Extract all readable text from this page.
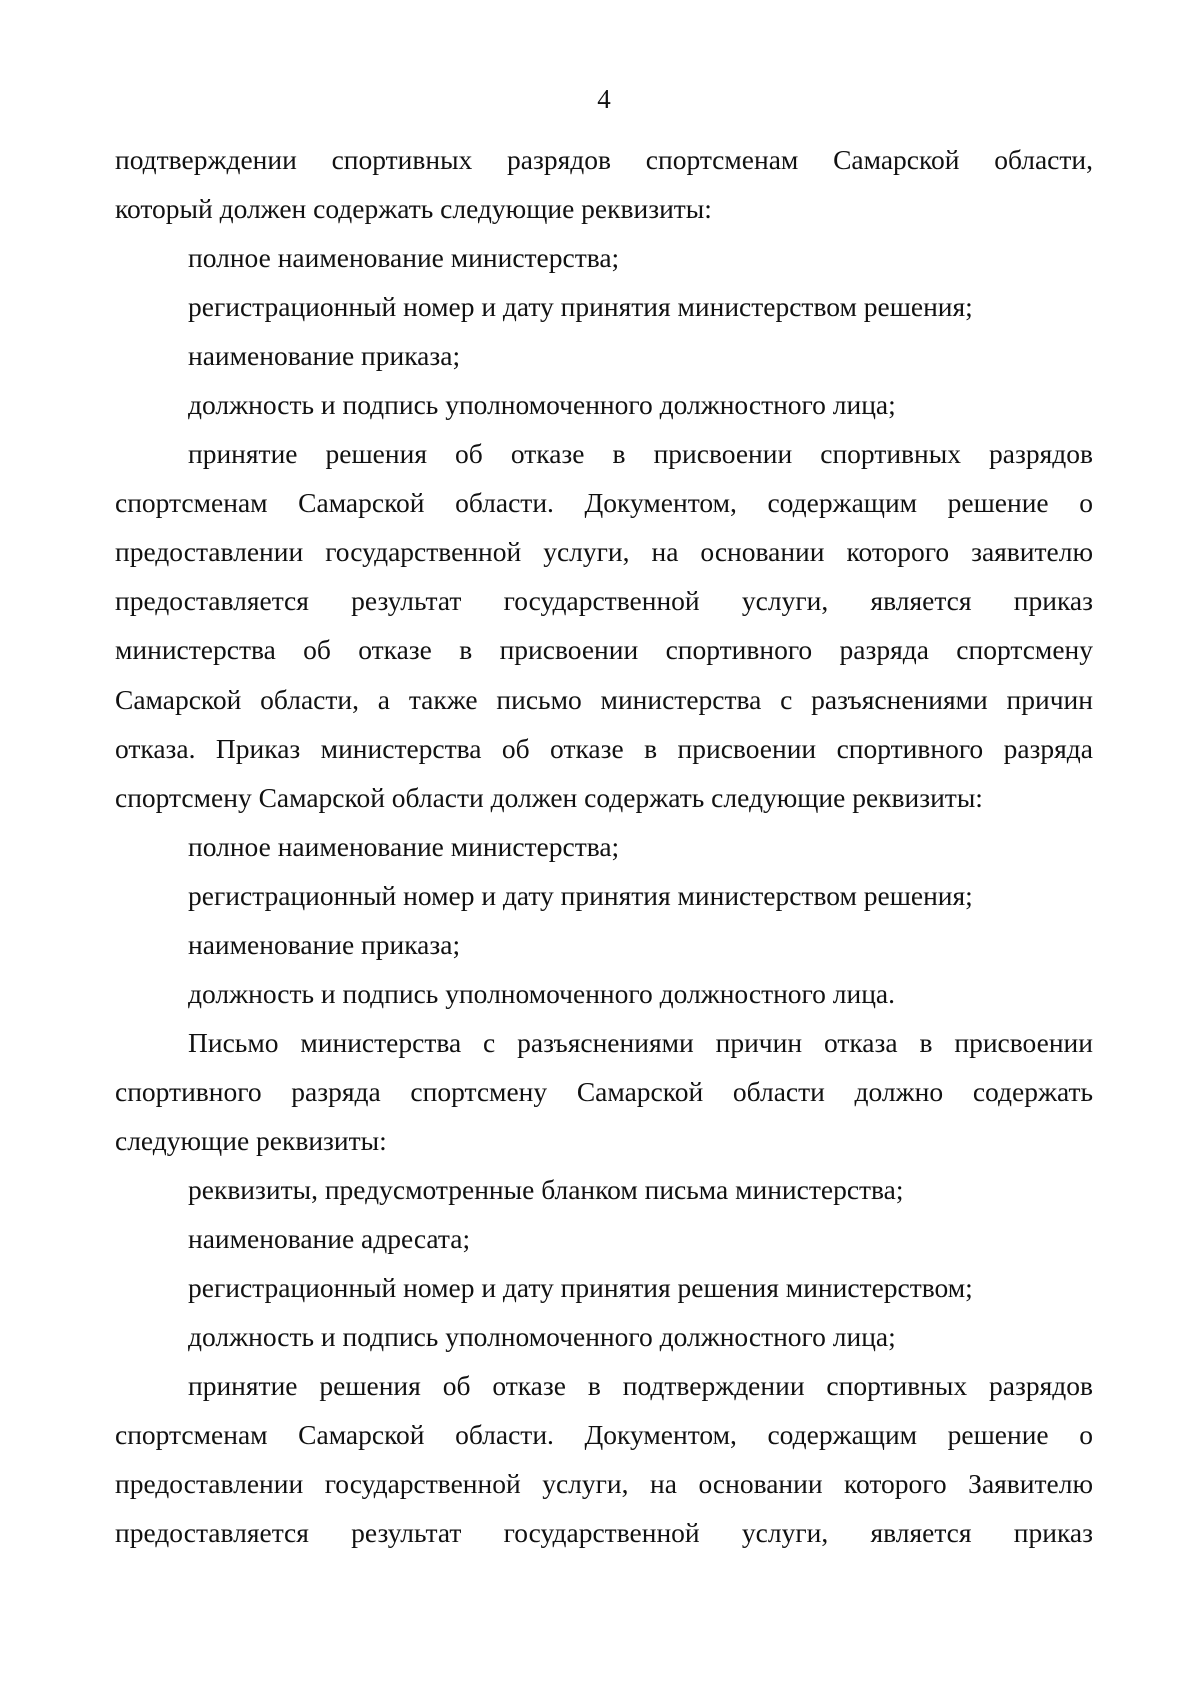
4
подтверждении спортивных разрядов спортсменам Самарской области,
который должен содержать следующие реквизиты:
полное наименование министерства;
регистрационный номер и дату принятия министерством решения;
наименование приказа;
должность и подпись уполномоченного должностного лица;
принятие решения об отказе в присвоении спортивных разрядов
спортсменам Самарской области. Документом, содержащим решение о
предоставлении государственной услуги, на основании которого заявителю
предоставляется результат государственной услуги, является приказ
министерства об отказе в присвоении спортивного разряда спортсмену
Самарской области, а также письмо министерства с разъяснениями причин
отказа. Приказ министерства об отказе в присвоении спортивного разряда
спортсмену Самарской области должен содержать следующие реквизиты:
полное наименование министерства;
регистрационный номер и дату принятия министерством решения;
наименование приказа;
должность и подпись уполномоченного должностного лица.
Письмо министерства с разъяснениями причин отказа в присвоении
спортивного разряда спортсмену Самарской области должно содержать
следующие реквизиты:
реквизиты, предусмотренные бланком письма министерства;
наименование адресата;
регистрационный номер и дату принятия решения министерством;
должность и подпись уполномоченного должностного лица;
принятие решения об отказе в подтверждении спортивных разрядов
спортсменам Самарской области. Документом, содержащим решение о
предоставлении государственной услуги, на основании которого Заявителю
предоставляется результат государственной услуги, является приказ
